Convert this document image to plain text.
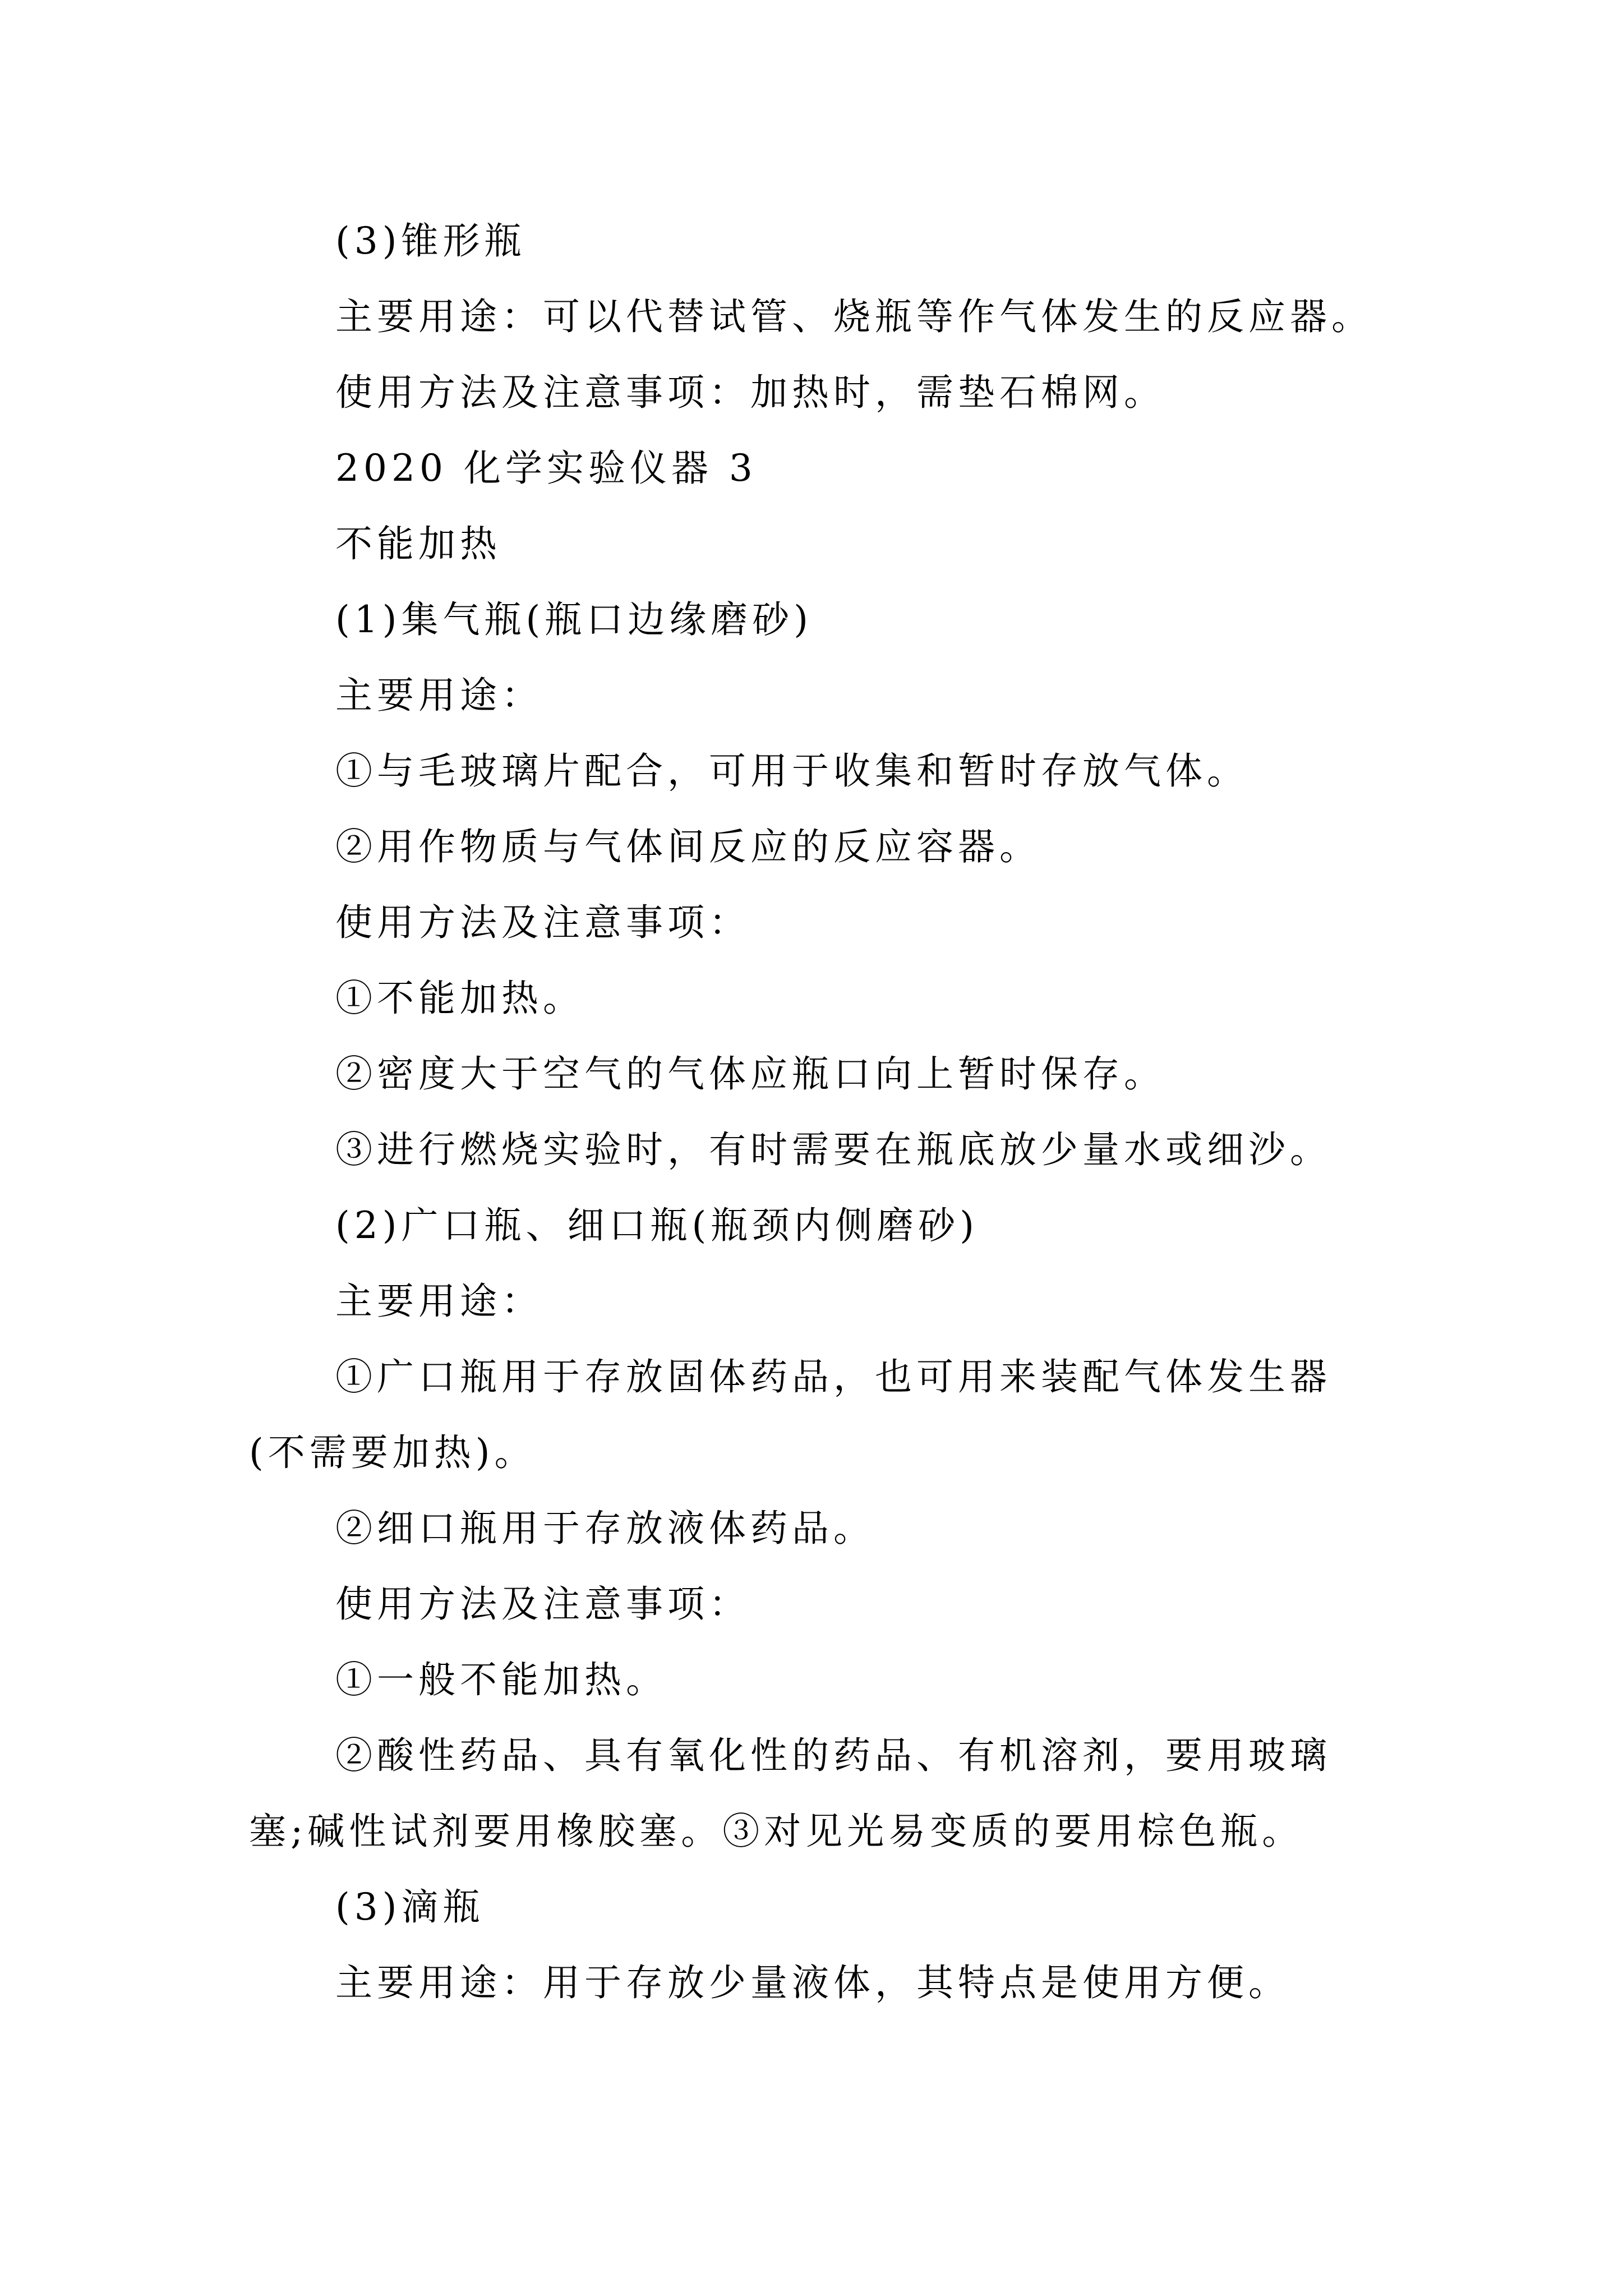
(3)锥形瓶
主要用途：可以代替试管、烧瓶等作气体发生的反应器。
使用方法及注意事项：加热时，需垫石棉网。
2020 化学实验仪器 3
不能加热
(1)集气瓶(瓶口边缘磨砂)
主要用途：
①与毛玻璃片配合，可用于收集和暂时存放气体。
②用作物质与气体间反应的反应容器。
使用方法及注意事项：
①不能加热。
②密度大于空气的气体应瓶口向上暂时保存。
③进行燃烧实验时，有时需要在瓶底放少量水或细沙。
(2)广口瓶、细口瓶(瓶颈内侧磨砂)
主要用途：
①广口瓶用于存放固体药品，也可用来装配气体发生器
(不需要加热)。
②细口瓶用于存放液体药品。
使用方法及注意事项：
①一般不能加热。
②酸性药品、具有氧化性的药品、有机溶剂，要用玻璃
塞;碱性试剂要用橡胶塞。③对见光易变质的要用棕色瓶。
(3)滴瓶
主要用途：用于存放少量液体，其特点是使用方便。
